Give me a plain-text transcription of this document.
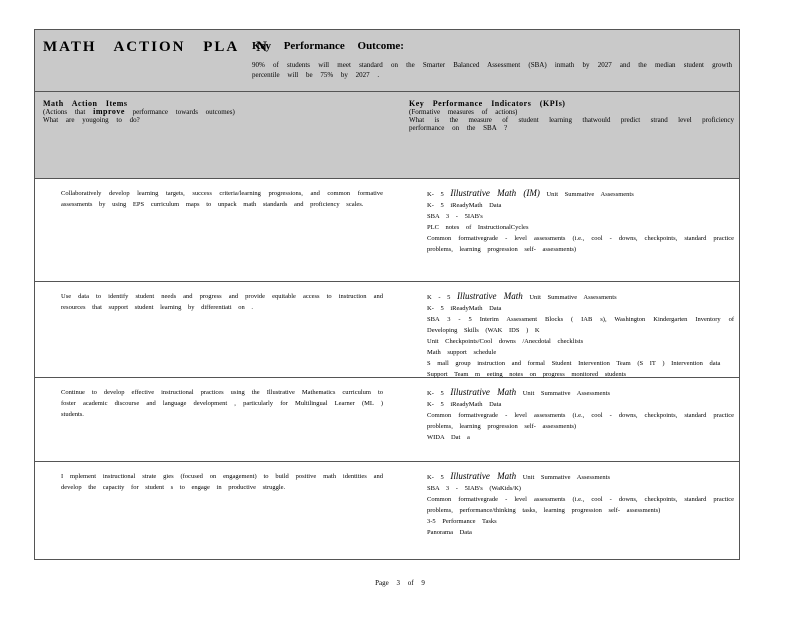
MATH ACTION PLA N
Key Performance Outcome:
90% of students will meet standard on the Smarter Balanced Assessment (SBA) inmath by 2027 and the median student growth percentile will be 75% by 2027 .
Math Action Items
(Actions that improve performance towards outcomes)
What are yougoing to do?
Key Performance Indicators (KPIs)
(Formative measures of actions)
What is the measure of student learning thatwould predict strand level proficiency performance on the SBA ?
Collaboratively develop learning targets, success criteria/learning progressions, and common formative assessments by using EPS curriculum maps to unpack math standards and proficiency scales.
K- 5 Illustrative Math (IM) Unit Summative Assessments
K- 5 iReadyMath Data
SBA 3 - 5IAB's
PLC notes of InstructionalCycles
Common formativegrade - level assessments (i.e., cool - downs, checkpoints, standard practice problems, learning progression self- assessments)
Use data to identify student needs and progress and provide equitable access to instruction and resources that support student learning by differentiati on .
K - 5 Illustrative Math Unit Summative Assessments
K- 5 iReadyMath Data
SBA 3 - 5 Interim Assessment Blocks ( IAB s), Washington Kindergarten Inventory of Developing Skills (WAK IDS ) K
Unit Checkpoints/Cool downs /Anecdotal checklists
Math support schedule
S mall group instruction and formal Student Intervention Team (S IT ) Intervention data
Support Team m eeting notes on progress monitored students
Continue to develop effective instructional practices using the Illustrative Mathematics curriculum to foster academic discourse and language development , particularly for Multilingual Learner (ML ) students.
K- 5 Illustrative Math Unit Summative Assessments
K- 5 iReadyMath Data
Common formativegrade - level assessments (i.e., cool - downs, checkpoints, standard practice problems, learning progression self- assessments)
WIDA Dat a
I mplement instructional strate gies (focused on engagement) to build positive math identities and develop the capacity for student s to engage in productive struggle.
K- 5 Illustrative Math Unit Summative Assessments
SBA 3 - 5IAB's (WaKids/K)
Common formativegrade - level assessments (i.e., cool - downs, checkpoints, standard practice problems, performance/thinking tasks, learning progression self- assessments)
3-5 Performance Tasks
Panorama Data
Page 3 of 9
